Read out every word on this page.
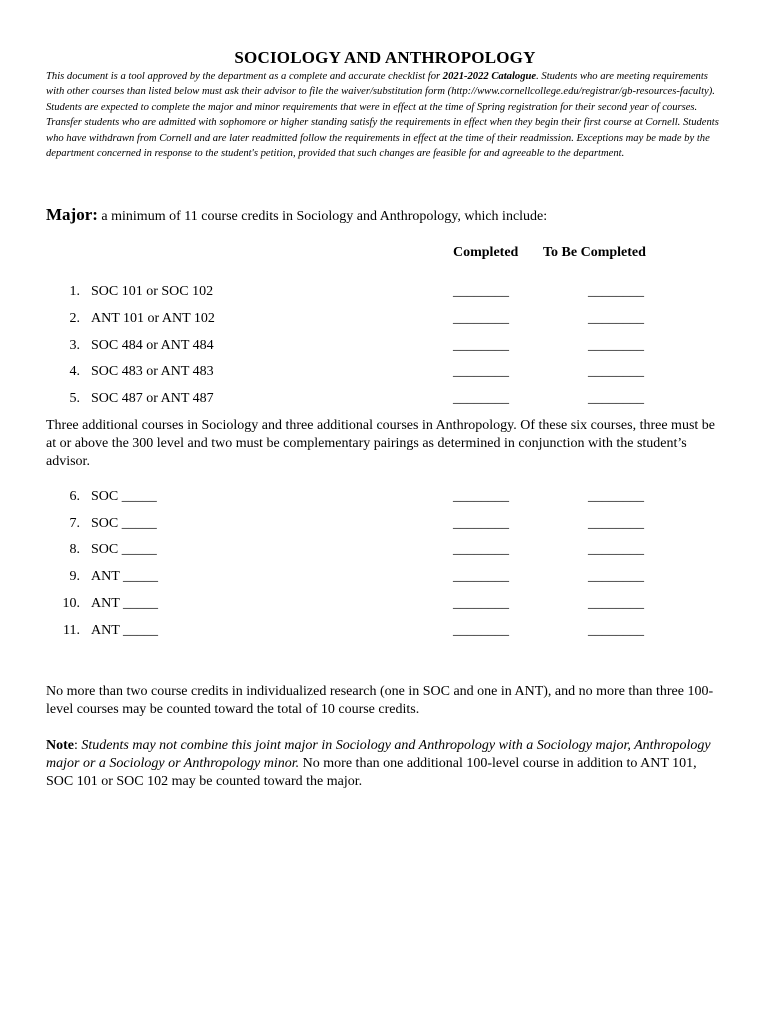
SOCIOLOGY AND ANTHROPOLOGY
This document is a tool approved by the department as a complete and accurate checklist for 2021-2022 Catalogue. Students who are meeting requirements with other courses than listed below must ask their advisor to file the waiver/substitution form (http://www.cornellcollege.edu/registrar/gb-resources-faculty). Students are expected to complete the major and minor requirements that were in effect at the time of Spring registration for their second year of courses. Transfer students who are admitted with sophomore or higher standing satisfy the requirements in effect when they begin their first course at Cornell. Students who have withdrawn from Cornell and are later readmitted follow the requirements in effect at the time of their readmission. Exceptions may be made by the department concerned in response to the student's petition, provided that such changes are feasible for and agreeable to the department.
Major: a minimum of 11 course credits in Sociology and Anthropology, which include:
Completed To Be Completed
1. SOC 101 or SOC 102	________	________
2. ANT 101 or ANT 102	________	________
3. SOC 484 or ANT 484	________	________
4. SOC 483 or ANT 483	________	________
5. SOC 487 or ANT 487	________	________
Three additional courses in Sociology and three additional courses in Anthropology. Of these six courses, three must be at or above the 300 level and two must be complementary pairings as determined in conjunction with the student’s advisor.
6. SOC _____	________	________
7. SOC _____	________	________
8. SOC _____	________	________
9. ANT _____	________	________
10. ANT _____	________	________
11. ANT _____	________	________
No more than two course credits in individualized research (one in SOC and one in ANT), and no more than three 100-level courses may be counted toward the total of 10 course credits.
Note: Students may not combine this joint major in Sociology and Anthropology with a Sociology major, Anthropology major or a Sociology or Anthropology minor. No more than one additional 100-level course in addition to ANT 101, SOC 101 or SOC 102 may be counted toward the major.
